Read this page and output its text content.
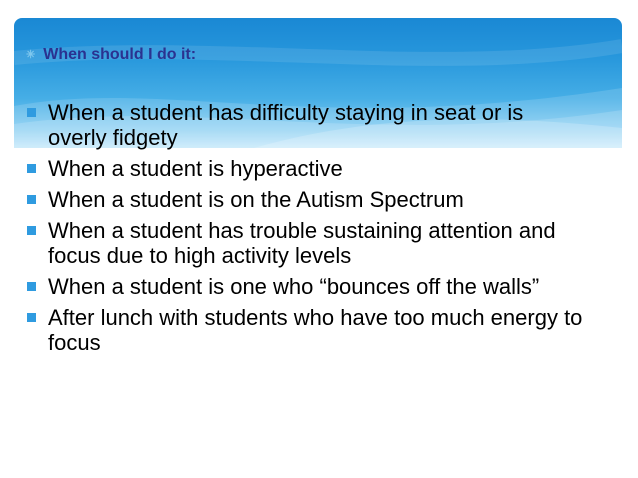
✳ When should I do it:
When a student has difficulty staying in seat or is overly fidgety
When a student is hyperactive
When a student is on the Autism Spectrum
When a student has trouble sustaining attention and focus due to high activity levels
When a student is one who “bounces off the walls”
After lunch with students who have too much energy to focus
